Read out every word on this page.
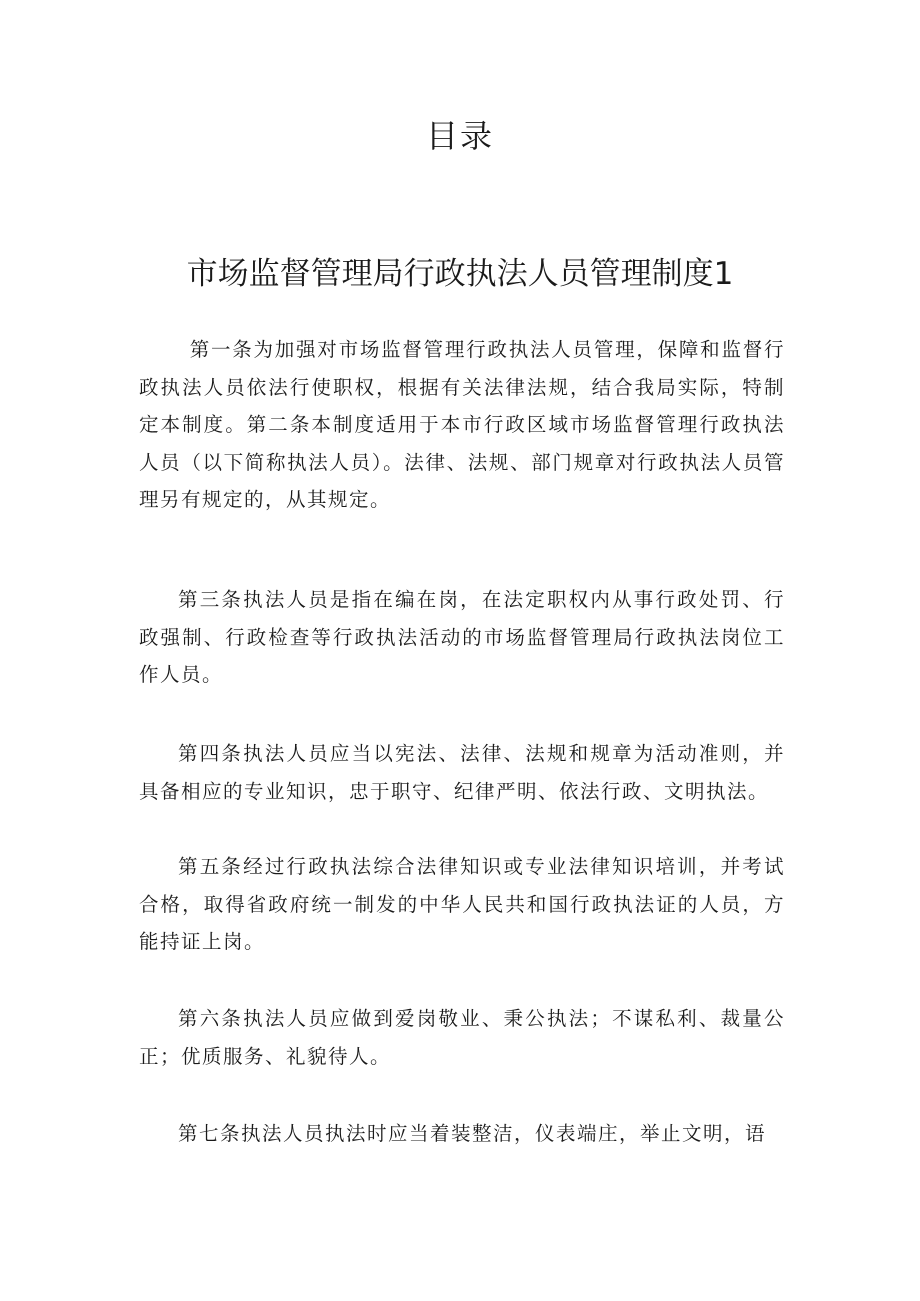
目录
市场监督管理局行政执法人员管理制度1

第一条为加强对市场监督管理行政执法人员管理，保障和监督行政执法人员依法行使职权，根据有关法律法规，结合我局实际，特制定本制度。第二条本制度适用于本市行政区域市场监督管理行政执法人员（以下简称执法人员）。法律、法规、部门规章对行政执法人员管理另有规定的，从其规定。

第三条执法人员是指在编在岗，在法定职权内从事行政处罚、行政强制、行政检查等行政执法活动的市场监督管理局行政执法岗位工作人员。

第四条执法人员应当以宪法、法律、法规和规章为活动准则，并具备相应的专业知识，忠于职守、纪律严明、依法行政、文明执法。

第五条经过行政执法综合法律知识或专业法律知识培训，并考试合格，取得省政府统一制发的中华人民共和国行政执法证的人员，方能持证上岗。

第六条执法人员应做到爱岗敬业、秉公执法；不谋私利、裁量公正；优质服务、礼貌待人。

第七条执法人员执法时应当着装整洁，仪表端庄，举止文明，语
